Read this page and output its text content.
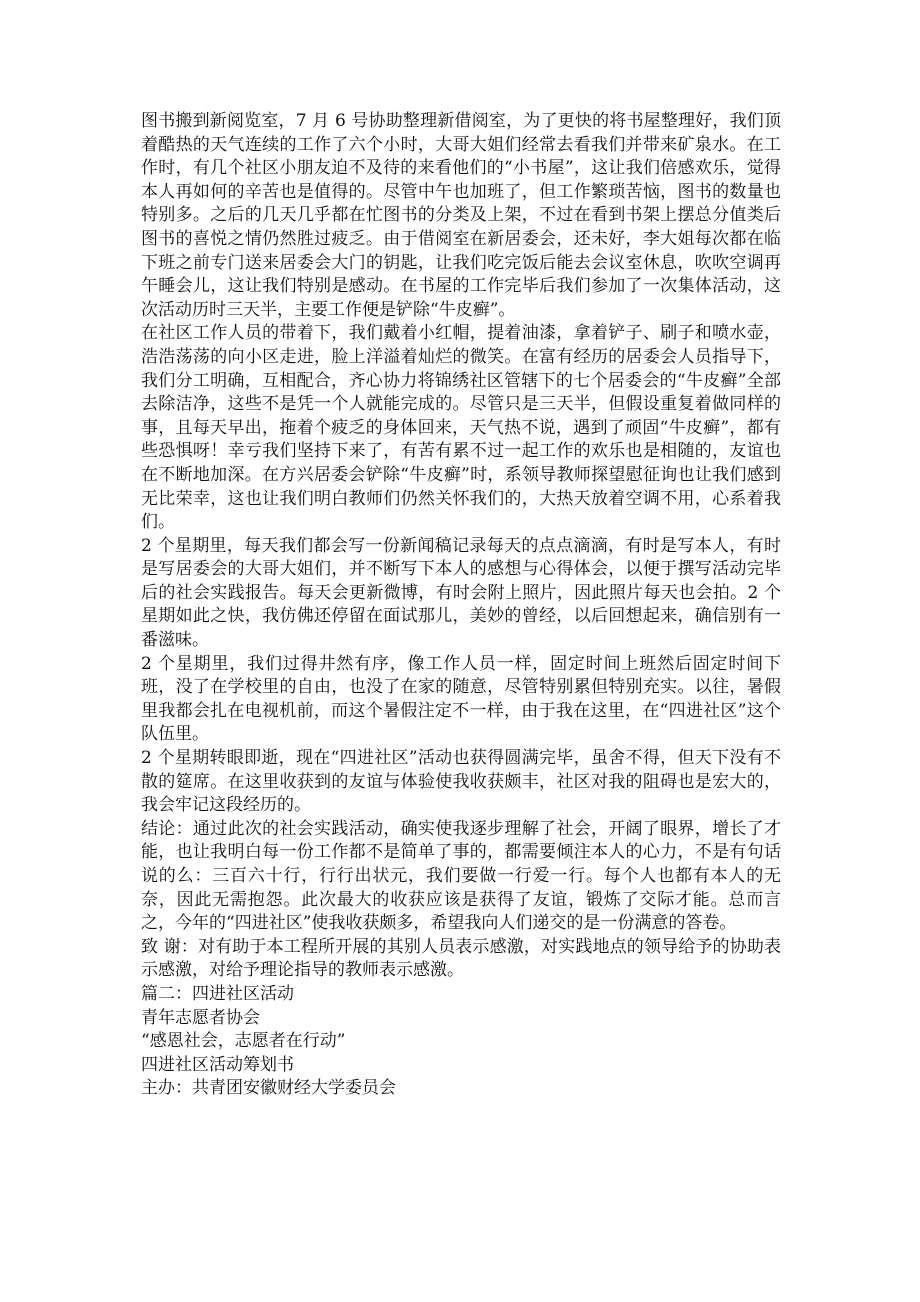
图书搬到新阅览室，7 月 6 号协助整理新借阅室，为了更快的将书屋整理好，我们顶着酷热的天气连续的工作了六个小时，大哥大姐们经常去看我们并带来矿泉水。在工作时，有几个社区小朋友迫不及待的来看他们的“小书屋”，这让我们倍感欢乐，觉得本人再如何的辛苦也是值得的。尽管中午也加班了，但工作繁琐苦恼，图书的数量也特别多。之后的几天几乎都在忙图书的分类及上架，不过在看到书架上摆总分值类后图书的喜悦之情仍然胜过疲乏。由于借阅室在新居委会，还未好，李大姐每次都在临下班之前专门送来居委会大门的钥匙，让我们吃完饭后能去会议室休息，吹吹空调再午睡会儿，这让我们特别是感动。在书屋的工作完毕后我们参加了一次集体活动，这次活动历时三天半，主要工作便是铲除“牛皮癣”。

在社区工作人员的带着下，我们戴着小红帽，提着油漆，拿着铲子、刷子和喷水壶，浩浩荡荡的向小区走进，脸上洋溢着灿烂的微笑。在富有经历的居委会人员指导下，我们分工明确，互相配合，齐心协力将锦绣社区管辖下的七个居委会的“牛皮癣”全部去除洁净，这些不是凭一个人就能完成的。尽管只是三天半，但假设重复着做同样的事，且每天早出，拖着个疲乏的身体回来，天气热不说，遇到了顽固“牛皮癣”，都有些恐惧呀！幸亏我们坚持下来了，有苦有累不过一起工作的欢乐也是相随的，友谊也在不断地加深。在方兴居委会铲除“牛皮癣”时，系领导教师探望慰征询也让我们感到无比荣幸，这也让我们明白教师们仍然关怀我们的，大热天放着空调不用，心系着我们。

2 个星期里，每天我们都会写一份新闻稿记录每天的点点滴滴，有时是写本人，有时是写居委会的大哥大姐们，并不断写下本人的感想与心得体会，以便于撰写活动完毕后的社会实践报告。每天会更新微博，有时会附上照片，因此照片每天也会拍。2 个星期如此之快，我仿佛还停留在面试那儿，美妙的曾经，以后回想起来，确信别有一番滋味。

2 个星期里，我们过得井然有序，像工作人员一样，固定时间上班然后固定时间下班，没了在学校里的自由，也没了在家的随意，尽管特别累但特别充实。以往，暑假里我都会扎在电视机前，而这个暑假注定不一样，由于我在这里，在“四进社区”这个队伍里。

2 个星期转眼即逝，现在“四进社区”活动也获得圆满完毕，虽舍不得，但天下没有不散的筵席。在这里收获到的友谊与体验使我收获颇丰，社区对我的阻碍也是宏大的，我会牢记这段经历的。

结论：通过此次的社会实践活动，确实使我逐步理解了社会，开阔了眼界，增长了才能，也让我明白每一份工作都不是简单了事的，都需要倾注本人的心力，不是有句话说的么：三百六十行，行行出状元，我们要做一行爱一行。每个人也都有本人的无奈，因此无需抱怨。此次最大的收获应该是获得了友谊，锻炼了交际才能。总而言之，今年的“四进社区”使我收获颇多，希望我向人们递交的是一份满意的答卷。

致 谢：对有助于本工程所开展的其别人员表示感激，对实践地点的领导给予的协助表示感激，对给予理论指导的教师表示感激。

篇二：四进社区活动

青年志愿者协会

“感恩社会，志愿者在行动”

四进社区活动筹划书

主办：共青团安徽财经大学委员会
